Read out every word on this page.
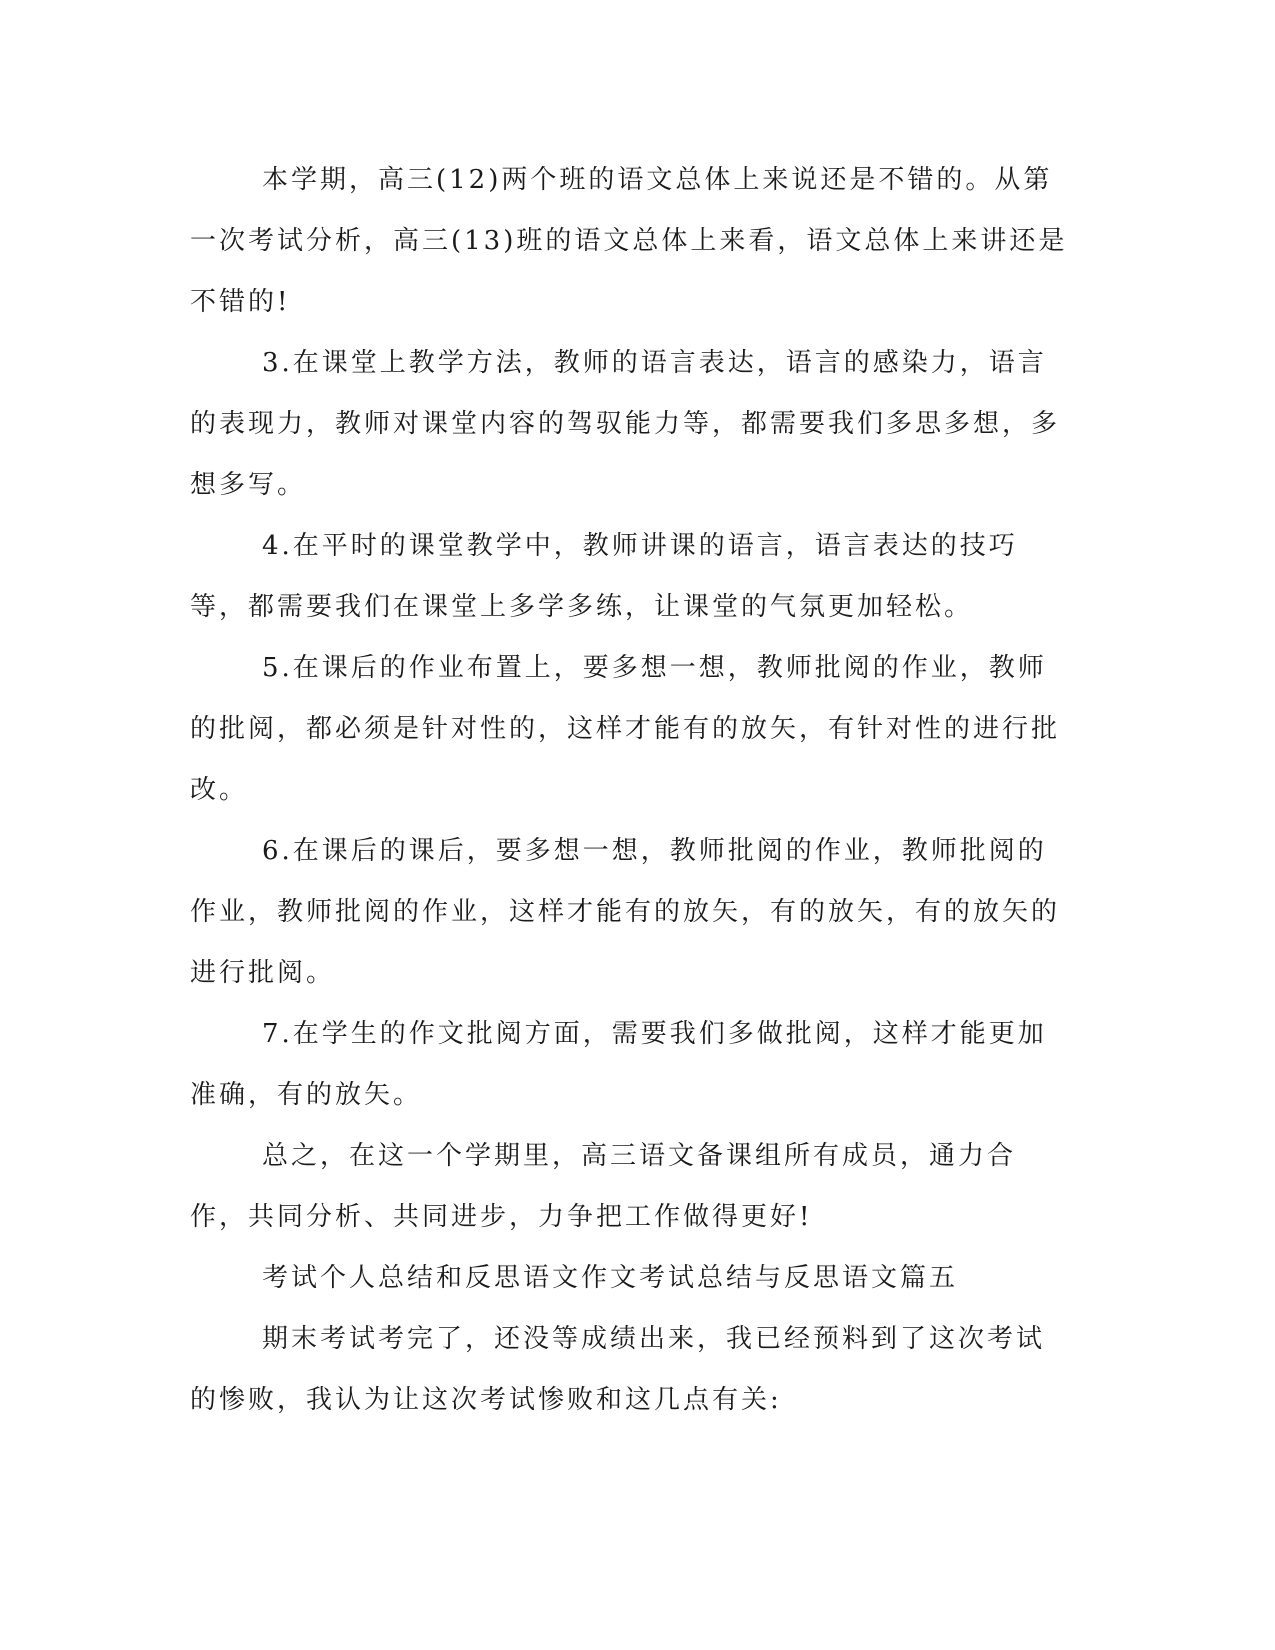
本学期，高三(12)两个班的语文总体上来说还是不错的。从第一次考试分析，高三(13)班的语文总体上来看，语文总体上来讲还是不错的!

3.在课堂上教学方法，教师的语言表达，语言的感染力，语言的表现力，教师对课堂内容的驾驭能力等，都需要我们多思多想，多想多写。

4.在平时的课堂教学中，教师讲课的语言，语言表达的技巧等，都需要我们在课堂上多学多练，让课堂的气氛更加轻松。

5.在课后的作业布置上，要多想一想，教师批阅的作业，教师的批阅，都必须是针对性的，这样才能有的放矢，有针对性的进行批改。

6.在课后的课后，要多想一想，教师批阅的作业，教师批阅的作业，教师批阅的作业，这样才能有的放矢，有的放矢，有的放矢的进行批阅。

7.在学生的作文批阅方面，需要我们多做批阅，这样才能更加准确，有的放矢。

总之，在这一个学期里，高三语文备课组所有成员，通力合作，共同分析、共同进步，力争把工作做得更好!

考试个人总结和反思语文作文考试总结与反思语文篇五

期末考试考完了，还没等成绩出来，我已经预料到了这次考试的惨败，我认为让这次考试惨败和这几点有关:
